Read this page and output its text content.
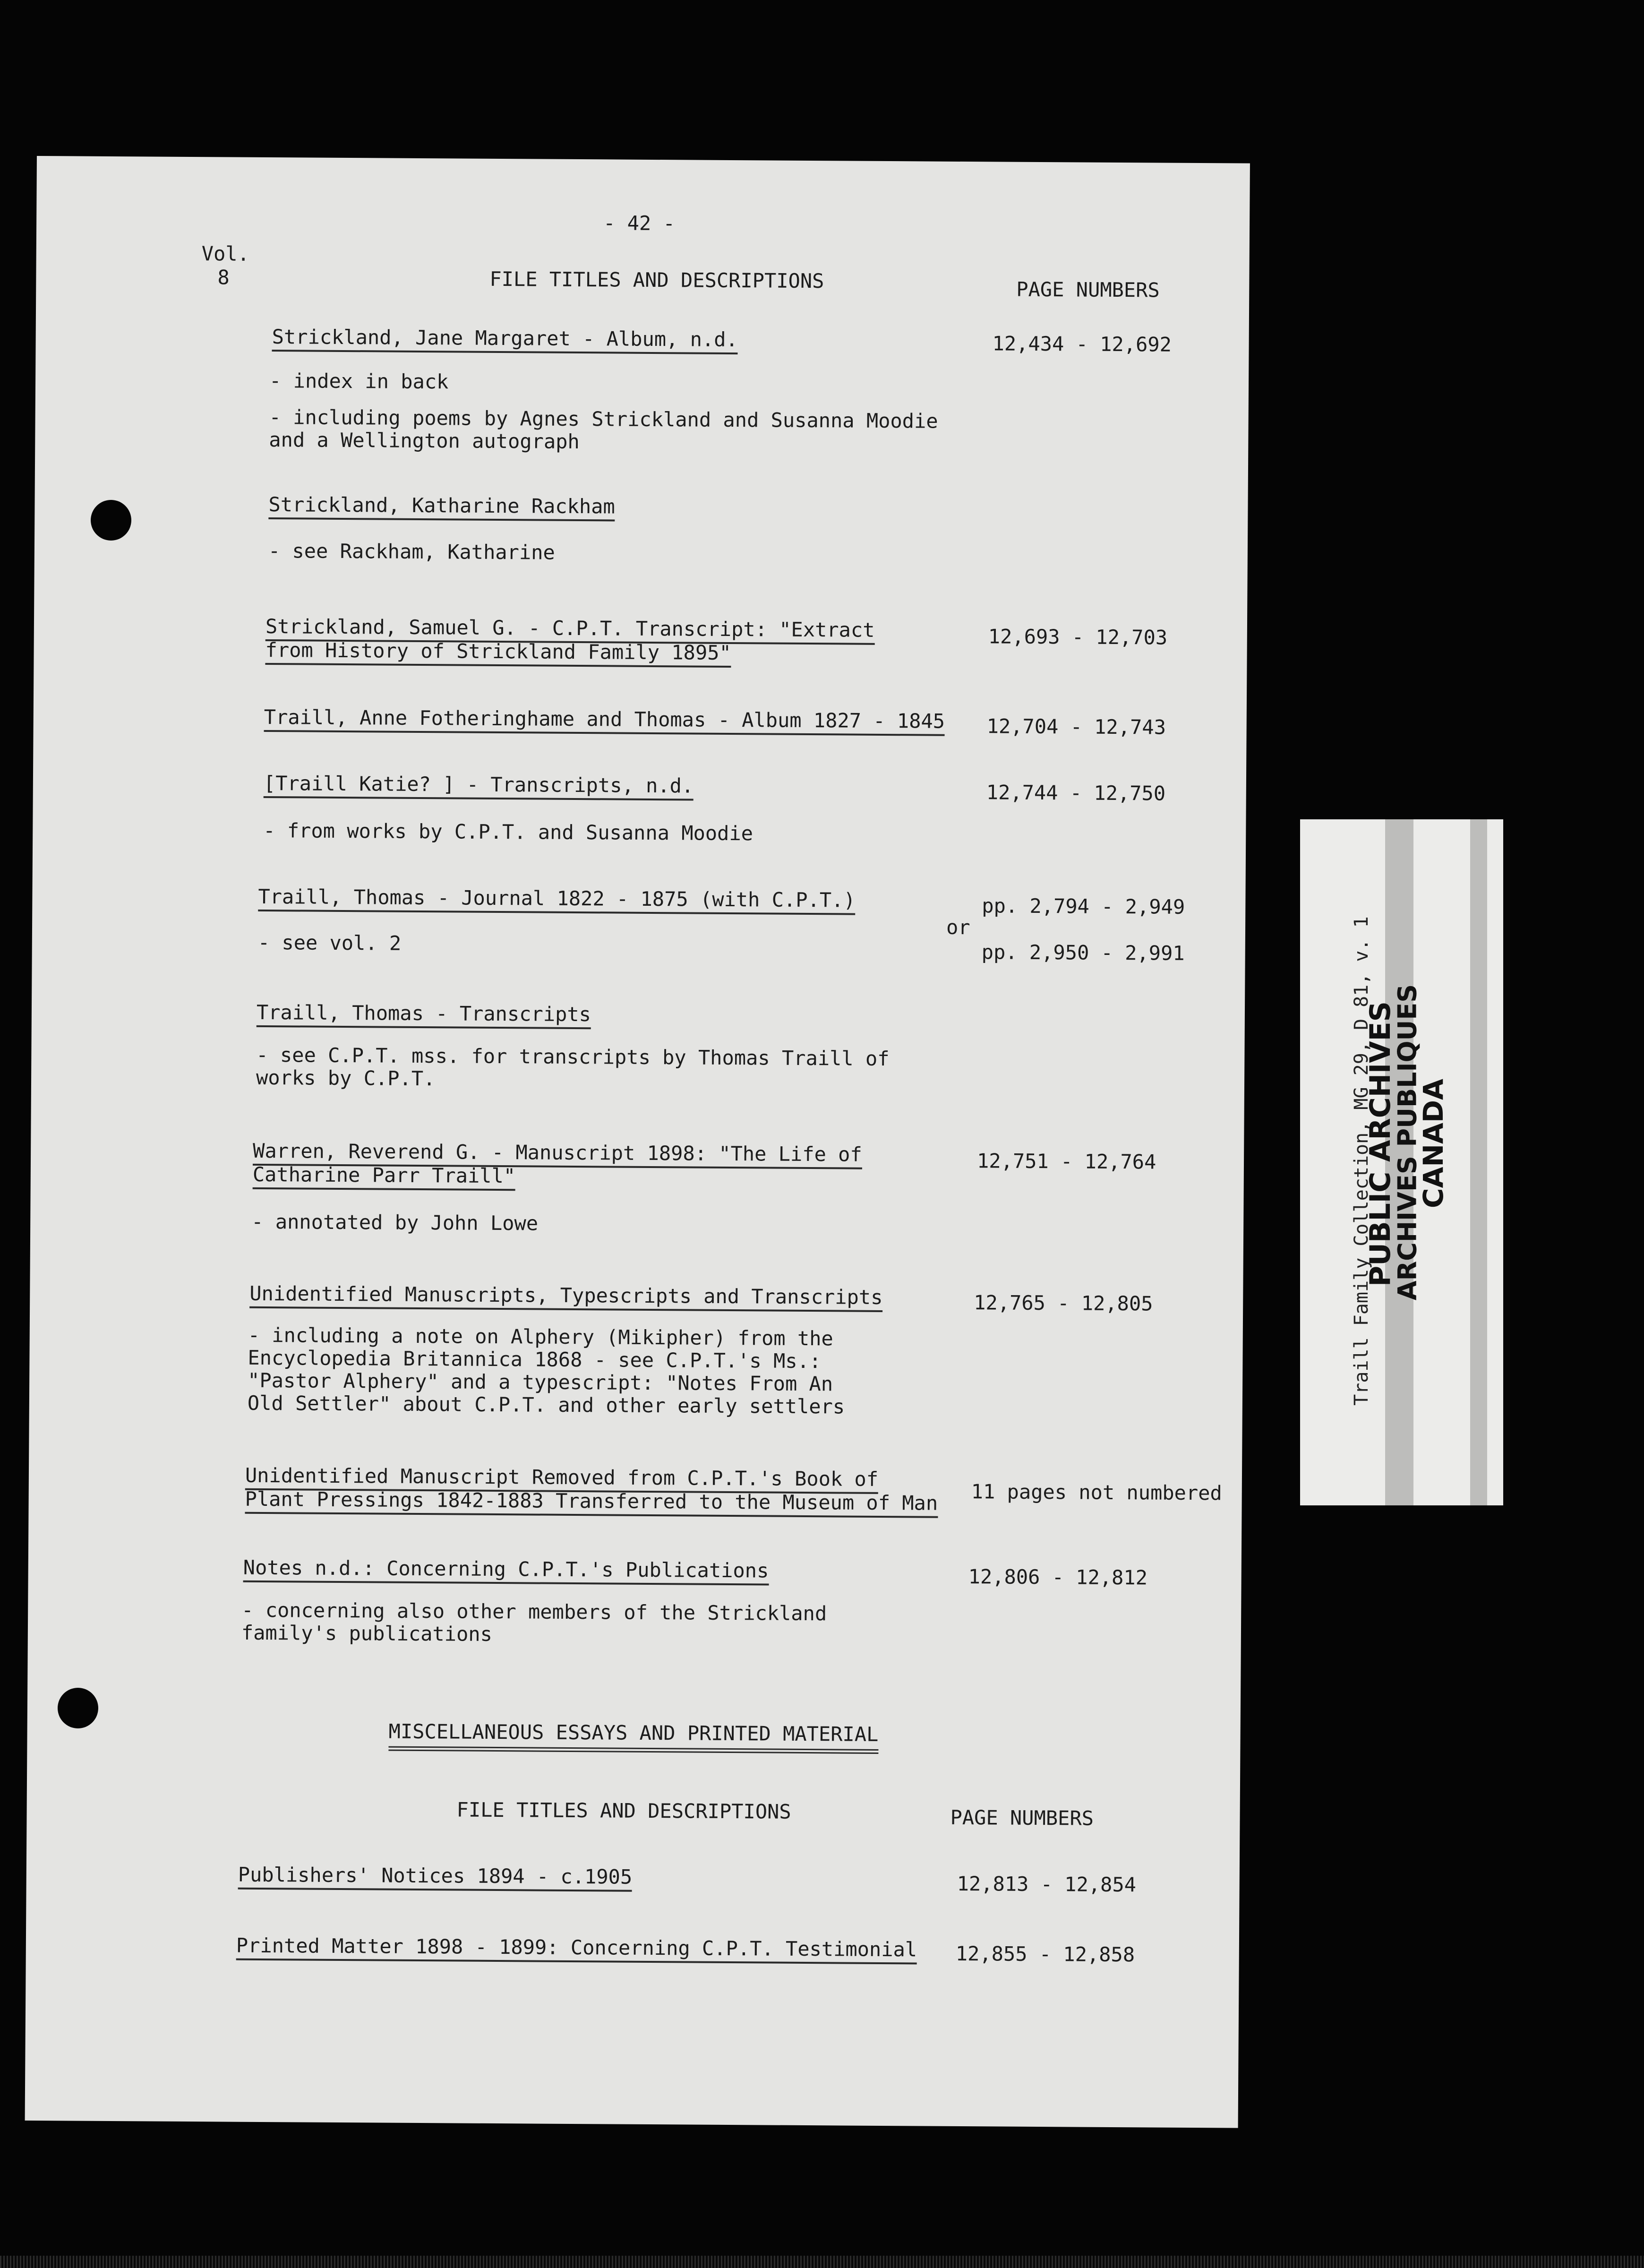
- 42 -
Vol.
8	FILE TITLES AND DESCRIPTIONS	PAGE NUMBERS
Strickland, Jane Margaret - Album, n.d.	12,434 - 12,692
- index in back
- including poems by Agnes Strickland and Susanna Moodie
and a Wellington autograph
Strickland, Katharine Rackham
- see Rackham, Katharine
Strickland, Samuel G. - C.P.T. Transcript: "Extract
from History of Strickland Family 1895"
12,693 - 12,703
Traill, Anne Fotheringhame and Thomas - Album 1827 - 1845 12,704 - 12,743
[Traill Katie? ] - Transcripts, n.d.	12,744 - 12,750
- from works by C.P.T. and Susanna Moodie
Traill, Thomas - Journal 1822 - 1875 (with C.P.T.)	pp. 2,794 - 2,949
or
pp. 2,950 - 2,991
- see vol. 2
Traill, Thomas - Transcripts
- see C.P.T. mss. for transcripts by Thomas Traill of
works by C.P.T.
Warren, Reverend G. - Manuscript 1898: "The Life of
Catharine Parr Traill"
12,751 - 12,764
- annotated by John Lowe
Unidentified Manuscripts, Typescripts and Transcripts	12,765 - 12,805
- including a note on Alphery (Mikipher) from the
Encyclopedia Britannica 1868 - see C.P.T.'s Ms.:
"Pastor Alphery" and a typescript: "Notes From An
Old Settler" about C.P.T. and other early settlers
Unidentified Manuscript Removed from C.P.T.'s Book of
Plant Pressings 1842-1883 Transferred to the Museum of Man 11 pages not numbered
Notes n.d.: Concerning C.P.T.'s Publications	12,806 - 12,812
- concerning also other members of the Strickland
family's publications
MISCELLANEOUS ESSAYS AND PRINTED MATERIAL
FILE TITLES AND DESCRIPTIONS	PAGE NUMBERS
Publishers' Notices 1894 - c.1905	12,813 - 12,854
Printed Matter 1898 - 1899: Concerning C.P.T. Testimonial 12,855 - 12,858
Traill Family Collection, MG 29, D 81, v. 1
PUBLIC ARCHIVES
ARCHIVES PUBLIQUES
CANADA
